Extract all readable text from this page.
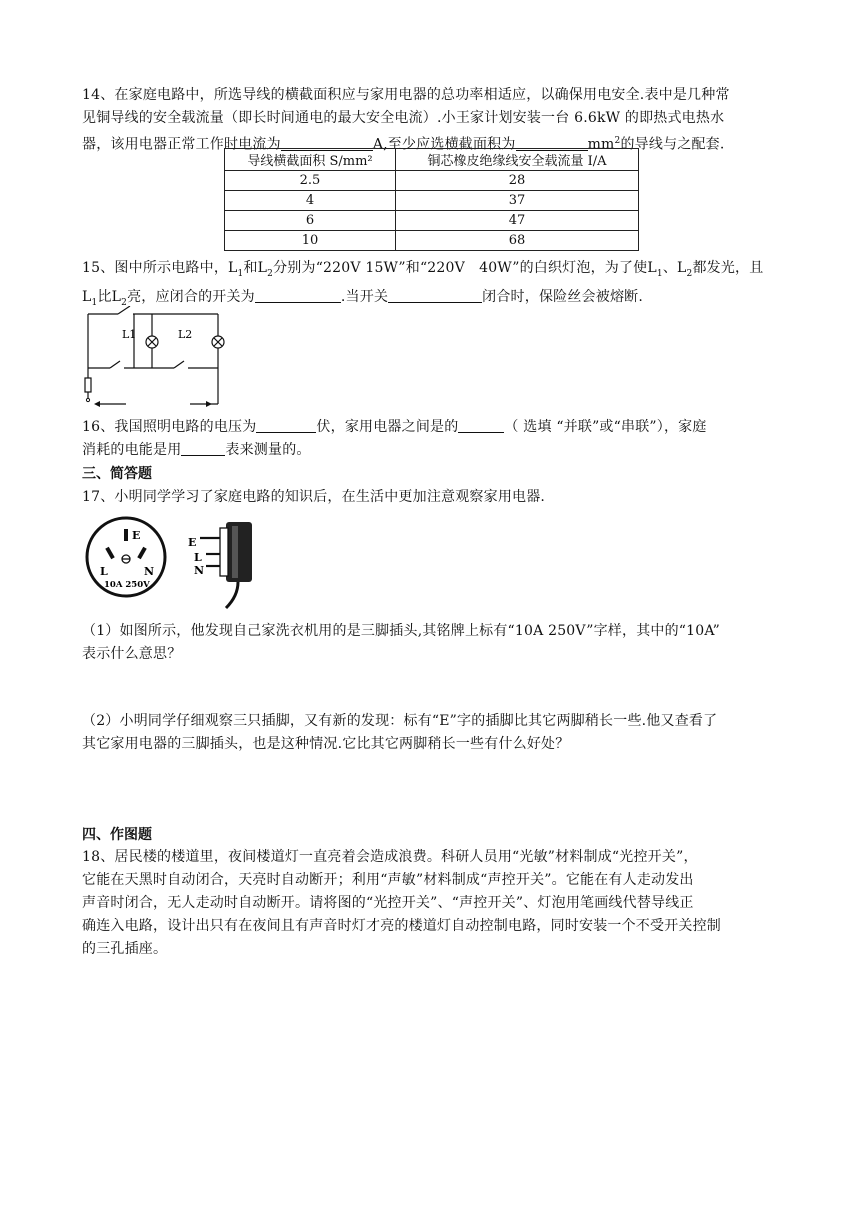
14、在家庭电路中，所选导线的横截面积应与家用电器的总功率相适应，以确保用电安全.表中是几种常
见铜导线的安全载流量（即长时间通电的最大安全电流）.小王家计划安装一台 6.6kW 的即热式电热水
器，该用电器正常工作时电流为	A,至少应选横截面积为	$mm^2$的导线与之配套.
导线横截面积 S/mm²	铜芯橡皮绝缘线安全载流量 I/A
2.5	28
4	37
6	47
10	68
15、图中所示电路中，$L_1$和$L_2$分别为“220V 15W”和“220V　40W”的白织灯泡，为了使$L_1$、$L_2$都发光，且
$L_1$比$L_2$亮，应闭合的开关为	.当开关	闭合时，保险丝会被熔断.
L1	L2
16、我国照明电路的电压为	伏，家用电器之间是的	（ 选填 “并联”或“串联”），家庭
消耗的电能是用	表来测量的。
三、简答题
17、小明同学学习了家庭电路的知识后，在生活中更加注意观察家用电器.
E
L	N
10A 250V
E
L
N
（1）如图所示，他发现自己家洗衣机用的是三脚插头,其铭牌上标有“10A 250V”字样，其中的“10A”
表示什么意思？
（2）小明同学仔细观察三只插脚，又有新的发现：标有“E”字的插脚比其它两脚稍长一些.他又查看了
其它家用电器的三脚插头，也是这种情况.它比其它两脚稍长一些有什么好处？
四、作图题
18、居民楼的楼道里，夜间楼道灯一直亮着会造成浪费。科研人员用“光敏”材料制成“光控开关”，
它能在天黑时自动闭合，天亮时自动断开；利用“声敏”材料制成“声控开关”。它能在有人走动发出
声音时闭合，无人走动时自动断开。请将图的“光控开关”、“声控开关”、灯泡用笔画线代替导线正
确连入电路，设计出只有在夜间且有声音时灯才亮的楼道灯自动控制电路，同时安装一个不受开关控制
的三孔插座。
